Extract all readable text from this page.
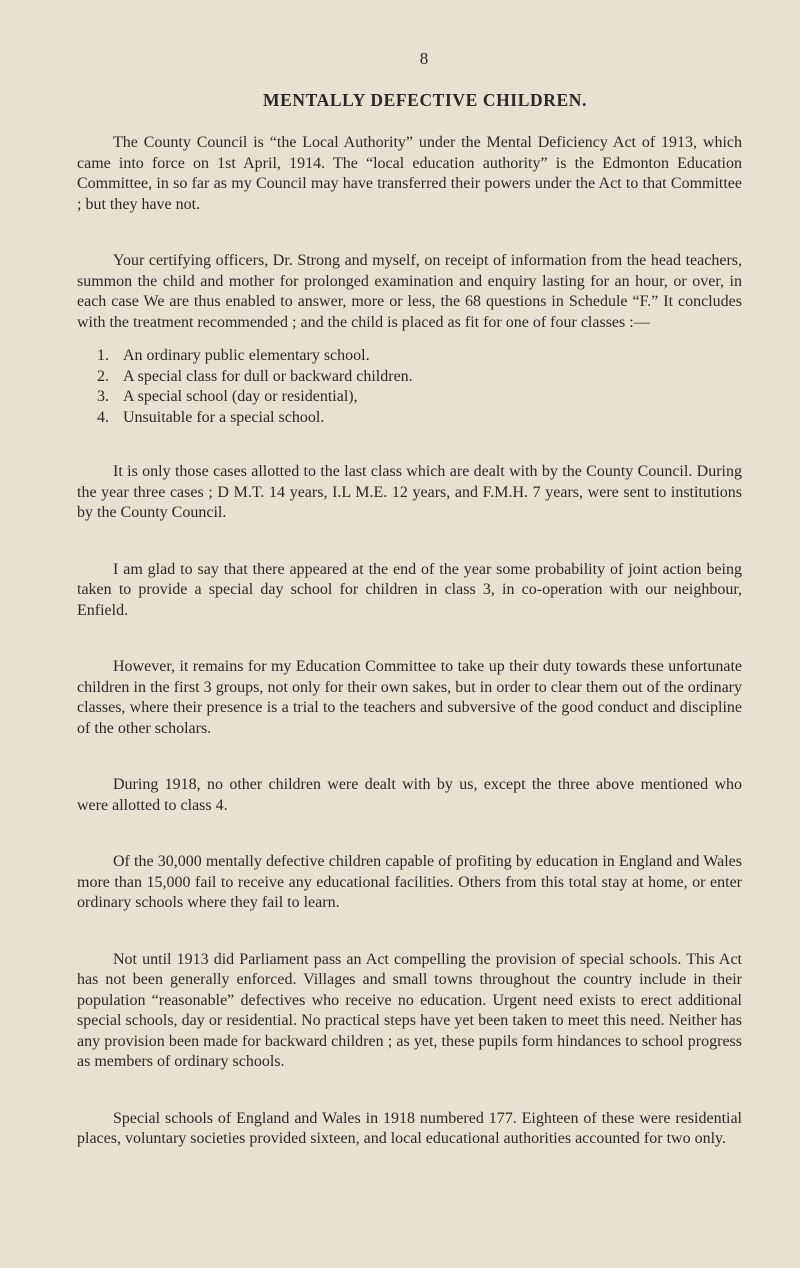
8
MENTALLY DEFECTIVE CHILDREN.

The County Council is “the Local Authority” under the Mental Deficiency Act of 1913, which came into force on 1st April, 1914. The “local education authority” is the Edmonton Education Committee, in so far as my Council may have transferred their powers under the Act to that Committee ; but they have not.

Your certifying officers, Dr. Strong and myself, on receipt of information from the head teachers, summon the child and mother for prolonged examination and enquiry lasting for an hour, or over, in each case We are thus enabled to answer, more or less, the 68 questions in Schedule “F.” It concludes with the treatment recommended ; and the child is placed as fit for one of four classes :—

1. An ordinary public elementary school.
2. A special class for dull or backward children.
3. A special school (day or residential),
4. Unsuitable for a special school.

It is only those cases allotted to the last class which are dealt with by the County Council. During the year three cases ; D M.T. 14 years, I.L M.E. 12 years, and F.M.H. 7 years, were sent to institutions by the County Council.

I am glad to say that there appeared at the end of the year some probability of joint action being taken to provide a special day school for children in class 3, in co-operation with our neighbour, Enfield.

However, it remains for my Education Committee to take up their duty towards these unfortunate children in the first 3 groups, not only for their own sakes, but in order to clear them out of the ordinary classes, where their presence is a trial to the teachers and subversive of the good conduct and discipline of the other scholars.

During 1918, no other children were dealt with by us, except the three above mentioned who were allotted to class 4.

Of the 30,000 mentally defective children capable of profiting by education in England and Wales more than 15,000 fail to receive any educational facilities. Others from this total stay at home, or enter ordinary schools where they fail to learn.

Not until 1913 did Parliament pass an Act compelling the provision of special schools. This Act has not been generally enforced. Villages and small towns throughout the country include in their population “reasonable” defectives who receive no education. Urgent need exists to erect additional special schools, day or residential. No practical steps have yet been taken to meet this need. Neither has any provision been made for backward children ; as yet, these pupils form hindances to school progress as members of ordinary schools.

Special schools of England and Wales in 1918 numbered 177. Eighteen of these were residential places, voluntary societies provided sixteen, and local educational authorities accounted for two only.
